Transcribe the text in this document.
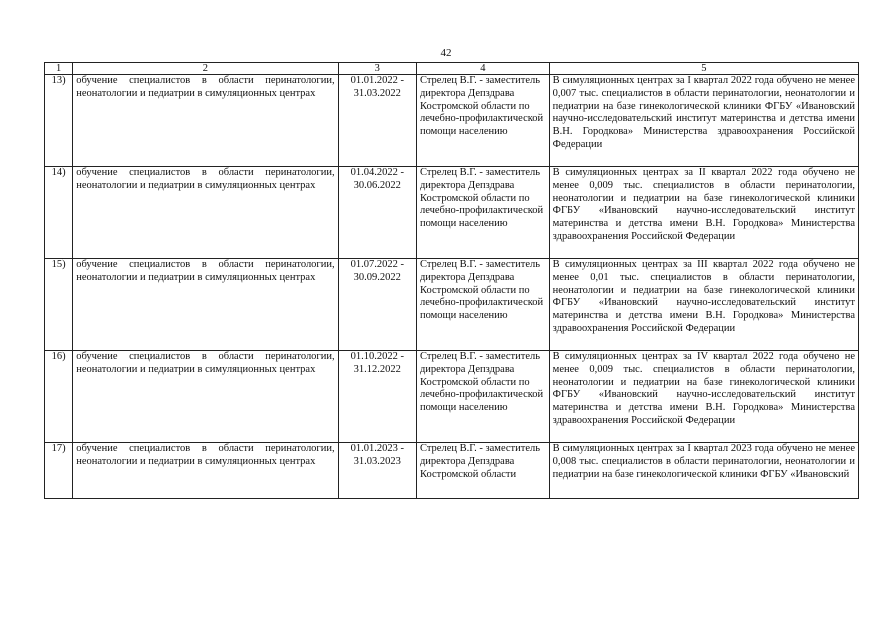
42
1	2	3	4	5
13)	обучение специалистов в области перинатологии, неонатологии и педиатрии в симуляционных центрах	01.01.2022 -
31.03.2022	Стрелец В.Г. - заместитель директора Депздрава Костромской области по лечебно-профилактической помощи населению	В симуляционных центрах за I квартал 2022 года обучено не менее 0,007 тыс. специалистов в области перинатологии, неонатологии и педиатрии на базе гинекологической клиники ФГБУ «Ивановский научно-исследовательский институт материнства и детства имени В.Н. Городкова» Министерства здравоохранения Российской Федерации
14)	обучение специалистов в области перинатологии, неонатологии и педиатрии в симуляционных центрах	01.04.2022 -
30.06.2022	Стрелец В.Г. - заместитель директора Депздрава Костромской области по лечебно-профилактической помощи населению	В симуляционных центрах за II квартал 2022 года обучено не менее 0,009 тыс. специалистов в области перинатологии, неонатологии и педиатрии на базе гинекологической клиники ФГБУ «Ивановский научно-исследовательский институт материнства и детства имени В.Н. Городкова» Министерства здравоохранения Российской Федерации
15)	обучение специалистов в области перинатологии, неонатологии и педиатрии в симуляционных центрах	01.07.2022 -
30.09.2022	Стрелец В.Г. - заместитель директора Депздрава Костромской области по лечебно-профилактической помощи населению	В симуляционных центрах за III квартал 2022 года обучено не менее 0,01 тыс. специалистов в области перинатологии, неонатологии и педиатрии на базе гинекологической клиники ФГБУ «Ивановский научно-исследовательский институт материнства и детства имени В.Н. Городкова» Министерства здравоохранения Российской Федерации
16)	обучение специалистов в области перинатологии, неонатологии и педиатрии в симуляционных центрах	01.10.2022 -
31.12.2022	Стрелец В.Г. - заместитель директора Депздрава Костромской области по лечебно-профилактической помощи населению	В симуляционных центрах за IV квартал 2022 года обучено не менее 0,009 тыс. специалистов в области перинатологии, неонатологии и педиатрии на базе гинекологической клиники ФГБУ «Ивановский научно-исследовательский институт материнства и детства имени В.Н. Городкова» Министерства здравоохранения Российской Федерации
17)	обучение специалистов в области перинатологии, неонатологии и педиатрии в симуляционных центрах	01.01.2023 -
31.03.2023	Стрелец В.Г. - заместитель директора Депздрава Костромской области	В симуляционных центрах за I квартал 2023 года обучено не менее 0,008 тыс. специалистов в области перинатологии, неонатологии и педиатрии на базе гинекологической клиники ФГБУ «Ивановский
